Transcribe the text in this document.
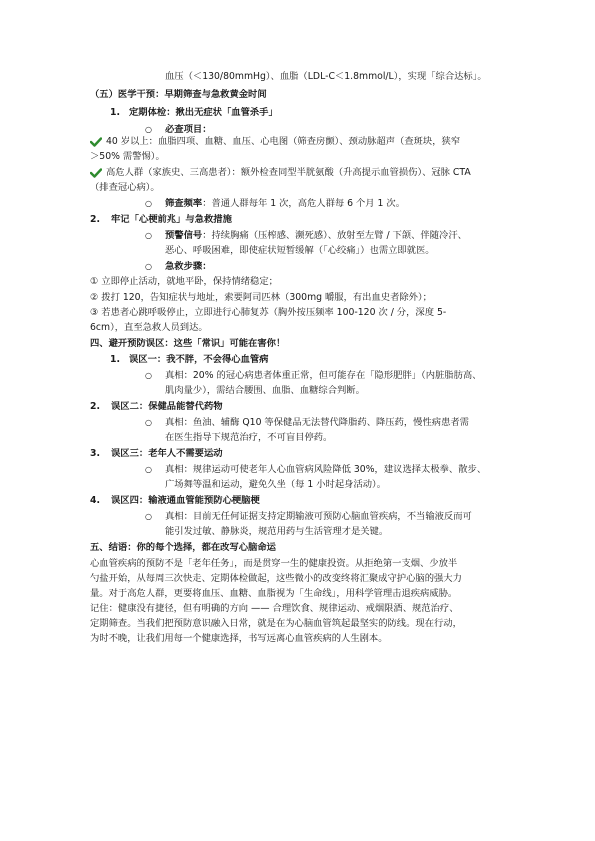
血压（＜130/80mmHg）、血脂（LDL-C＜1.8mmol/L），实现「综合达标」。
（五）医学干预：早期筛查与急救黄金时间
1. 定期体检：揪出无症状「血管杀手」
○ 必查项目：
40 岁以上：血脂四项、血糖、血压、心电图（筛查房颤）、颈动脉超声（查斑块，狭窄
＞50% 需警惕）。
高危人群（家族史、三高患者）：额外检查同型半胱氨酸（升高提示血管损伤）、冠脉 CTA
（排查冠心病）。
○ 筛查频率：普通人群每年 1 次，高危人群每 6 个月 1 次。
2. 牢记「心梗前兆」与急救措施
○ 预警信号：持续胸痛（压榨感、濒死感）、放射至左臂 / 下颌、伴随冷汗、
恶心、呼吸困难，即使症状短暂缓解（「心绞痛」）也需立即就医。
○ 急救步骤：
① 立即停止活动，就地平卧，保持情绪稳定；
② 拨打 120，告知症状与地址，索要阿司匹林（300mg 嚼服，有出血史者除外）；
③ 若患者心跳呼吸停止，立即进行心肺复苏（胸外按压频率 100-120 次 / 分，深度 5-
6cm），直至急救人员到达。
四、避开预防误区：这些「常识」可能在害你！
1. 误区一：我不胖，不会得心血管病
○ 真相：20% 的冠心病患者体重正常，但可能存在「隐形肥胖」（内脏脂肪高、
肌肉量少），需结合腰围、血脂、血糖综合判断。
2. 误区二：保健品能替代药物
○ 真相：鱼油、辅酶 Q10 等保健品无法替代降脂药、降压药，慢性病患者需
在医生指导下规范治疗，不可盲目停药。
3. 误区三：老年人不需要运动
○ 真相：规律运动可使老年人心血管病风险降低 30%，建议选择太极拳、散步、
广场舞等温和运动，避免久坐（每 1 小时起身活动）。
4. 误区四：输液通血管能预防心梗脑梗
○ 真相：目前无任何证据支持定期输液可预防心脑血管疾病，不当输液反而可
能引发过敏、静脉炎，规范用药与生活管理才是关键。
五、结语：你的每个选择，都在改写心脑命运
心血管疾病的预防不是「老年任务」，而是贯穿一生的健康投资。从拒绝第一支烟、少放半
勺盐开始，从每周三次快走、定期体检做起，这些微小的改变终将汇聚成守护心脑的强大力
量。对于高危人群，更要将血压、血糖、血脂视为「生命线」，用科学管理击退疾病威胁。
记住：健康没有捷径，但有明确的方向 —— 合理饮食、规律运动、戒烟限酒、规范治疗、
定期筛查。当我们把预防意识融入日常，就是在为心脑血管筑起最坚实的防线。现在行动，
为时不晚，让我们用每一个健康选择，书写远离心血管疾病的人生剧本。
